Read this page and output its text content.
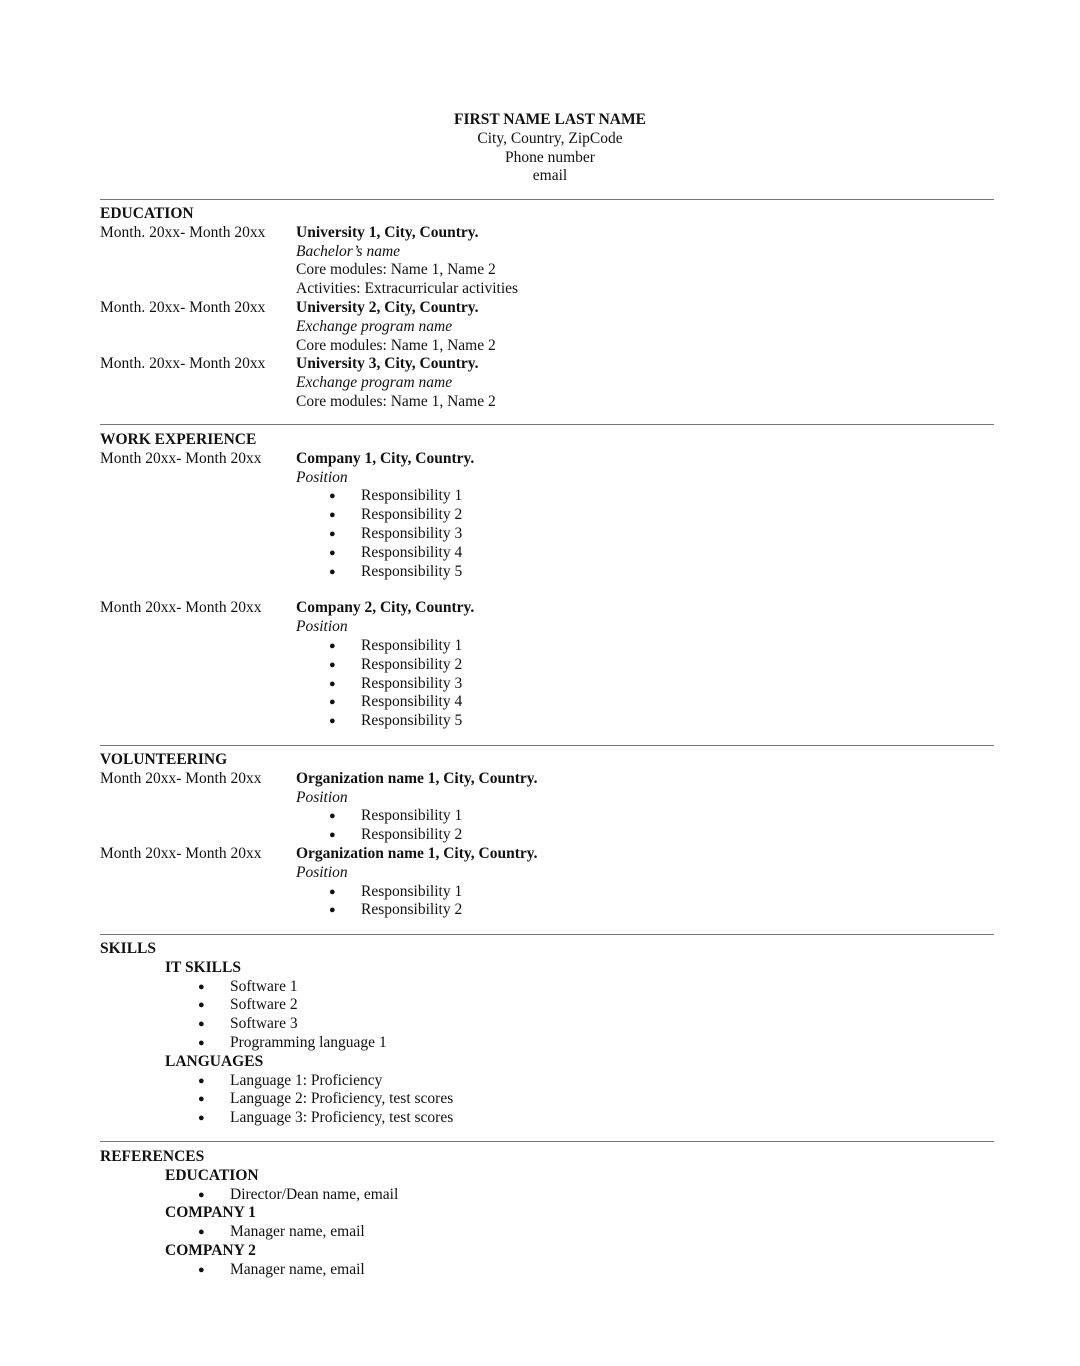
FIRST NAME LAST NAME
City, Country, ZipCode
Phone number
email
EDUCATION
Month. 20xx- Month 20xx	University 1, City, Country.
Bachelor’s name
Core modules: Name 1, Name 2
Activities: Extracurricular activities
Month. 20xx- Month 20xx	University 2, City, Country.
Exchange program name
Core modules: Name 1, Name 2
Month. 20xx- Month 20xx	University 3, City, Country.
Exchange program name
Core modules: Name 1, Name 2
WORK EXPERIENCE
Month 20xx- Month 20xx	Company 1, City, Country.
Position
● Responsibility 1
● Responsibility 2
● Responsibility 3
● Responsibility 4
● Responsibility 5
Month 20xx- Month 20xx	Company 2, City, Country.
Position
● Responsibility 1
● Responsibility 2
● Responsibility 3
● Responsibility 4
● Responsibility 5
VOLUNTEERING
Month 20xx- Month 20xx	Organization name 1, City, Country.
Position
● Responsibility 1
● Responsibility 2
Month 20xx- Month 20xx	Organization name 1, City, Country.
Position
● Responsibility 1
● Responsibility 2
SKILLS
IT SKILLS
● Software 1
● Software 2
● Software 3
● Programming language 1
LANGUAGES
● Language 1: Proficiency
● Language 2: Proficiency, test scores
● Language 3: Proficiency, test scores
REFERENCES
EDUCATION
● Director/Dean name, email
COMPANY 1
● Manager name, email
COMPANY 2
● Manager name, email
